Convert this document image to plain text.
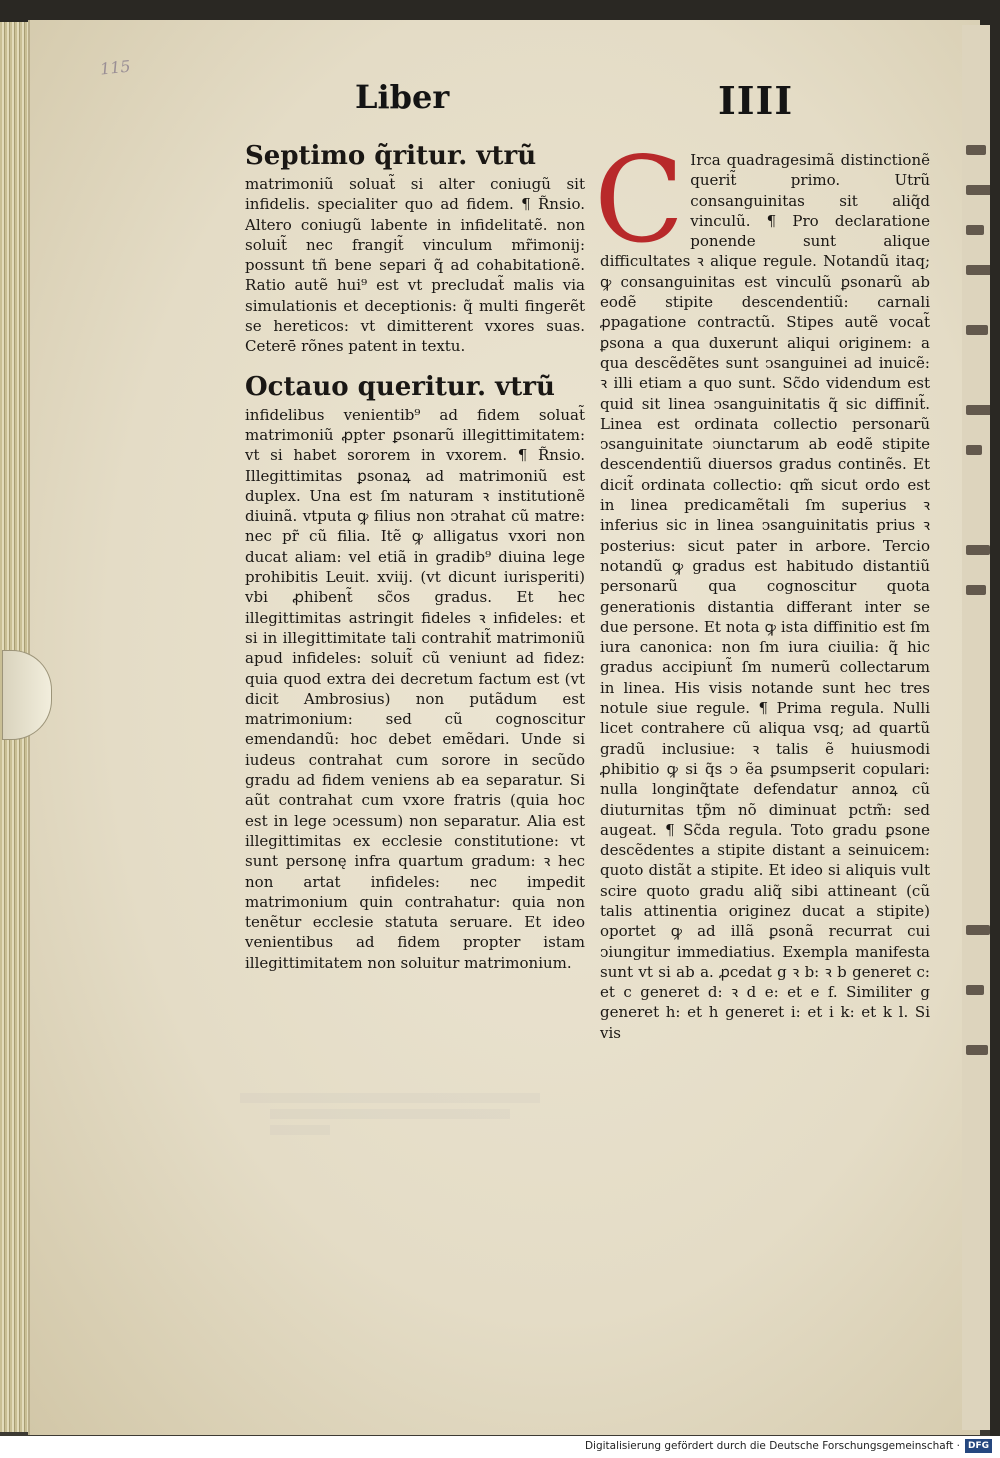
115
Liber	IIII

Septimo q̃ritur. vtrũ
matrimoniũ soluat̃ si alter coniugũ sit infidelis. specialiter quo ad fidem. ¶ R̃nsio. Altero coniugũ labente in infidelitatẽ. non soluit̃ nec frangit̃ vinculum mr̃imonij: possunt tñ bene separi q̃ ad cohabitationẽ. Ratio autẽ hui⁹ est vt precludat̃ malis via simulationis et deceptionis: q̃ multi fingerẽt se hereticos: vt dimitterent vxores suas. Ceterē rõnes patent in textu.

Octauo queritur. vtrũ
infidelibus venientib⁹ ad fidem soluat̃ matrimoniũ ꝓpter ꝑsonarũ illegittimitatem: vt si habet sororem in vxorem. ¶ R̃nsio. Illegittimitas ꝑsonaꝝ ad matrimoniũ est duplex. Una est ſm naturam ꝛ institutionẽ diuinã. vtputa ꝙ filius non ↄtrahat cũ matre: nec pr̃ cũ filia. Itẽ ꝙ alligatus vxori non ducat aliam: vel etiã in gradib⁹ diuina lege prohibitis Leuit. xviij. (vt dicunt iurisperiti) vbi ꝓhibent̃ sc̃os gradus. Et hec illegittimitas astringit fideles ꝛ infideles: et si in illegittimitate tali contrahit̃ matrimoniũ apud infideles: soluit̃ cũ veniunt ad fidez: quia quod extra dei decretum factum est (vt dicit Ambrosius) non putãdum est matrimonium: sed cũ cognoscitur emendandũ: hoc debet emẽdari. Unde si iudeus contrahat cum sorore in secũdo gradu ad fidem veniens ab ea separatur. Si aũt contrahat cum vxore fratris (quia hoc est in lege ↄcessum) non separatur. Alia est illegittimitas ex ecclesie constitutione: vt sunt personę infra quartum gradum: ꝛ hec non artat infideles: nec impedit matrimonium quin contrahatur: quia non tenẽtur ecclesie statuta seruare. Et ideo venientibus ad fidem propter istam illegittimitatem non soluitur matrimonium.

C Irca quadragesimã distinctionẽ querit̃ primo. Utrũ consanguinitas sit aliq̃d vinculũ. ¶ Pro declaratione ponende sunt alique difficultates ꝛ alique regule. Notandũ itaq; ꝙ consanguinitas est vinculũ ꝑsonarũ ab eodẽ stipite descendentiũ: carnali ꝓpagatione contractũ. Stipes autẽ vocat̃ ꝑsona a qua duxerunt aliqui originem: a qua descẽdẽtes sunt ↄsanguinei ad inuicẽ: ꝛ illi etiam a quo sunt. Sc̃do videndum est quid sit linea ↄsanguinitatis q̃ sic diffinit̃. Linea est ordinata collectio personarũ ↄsanguinitate ↄiunctarum ab eodẽ stipite descendentiũ diuersos gradus continẽs. Et dicit̃ ordinata collectio: qm̃ sicut ordo est in linea predicamẽtali ſm superius ꝛ inferius sic in linea ↄsanguinitatis prius ꝛ posterius: sicut pater in arbore. Tercio notandũ ꝙ gradus est habitudo distantiũ personarũ qua cognoscitur quota generationis distantia differant inter se due persone. Et nota ꝙ ista diffinitio est ſm iura canonica: non ſm iura ciuilia: q̃ hic gradus accipiunt̃ ſm numerũ collectarum in linea. His visis notande sunt hec tres notule siue regule. ¶ Prima regula. Nulli licet contrahere cũ aliqua vsq; ad quartũ gradũ inclusiue: ꝛ talis ẽ huiusmodi ꝓhibitio ꝙ si q̃s ↄ ẽa ꝑsumpserit copulari: nulla longinq̃tate defendatur annoꝝ cũ diuturnitas tp̃m nõ diminuat pctm̃: sed augeat. ¶ Sc̃da regula. Toto gradu ꝑsone descẽdentes a stipite distant a seinuicem: quoto distãt a stipite. Et ideo si aliquis vult scire quoto gradu aliq̃ sibi attineant (cũ talis attinentia originez ducat a stipite) oportet ꝙ ad illã ꝑsonã recurrat cui ↄiungitur immediatius. Exempla manifesta sunt vt si ab a. ꝓcedat g ꝛ b: ꝛ b generet c: et c generet d: ꝛ d e: et e f. Similiter g generet h: et h generet i: et i k: et k l. Si vis

Digitalisierung gefördert durch die Deutsche Forschungsgemeinschaft · DFG
